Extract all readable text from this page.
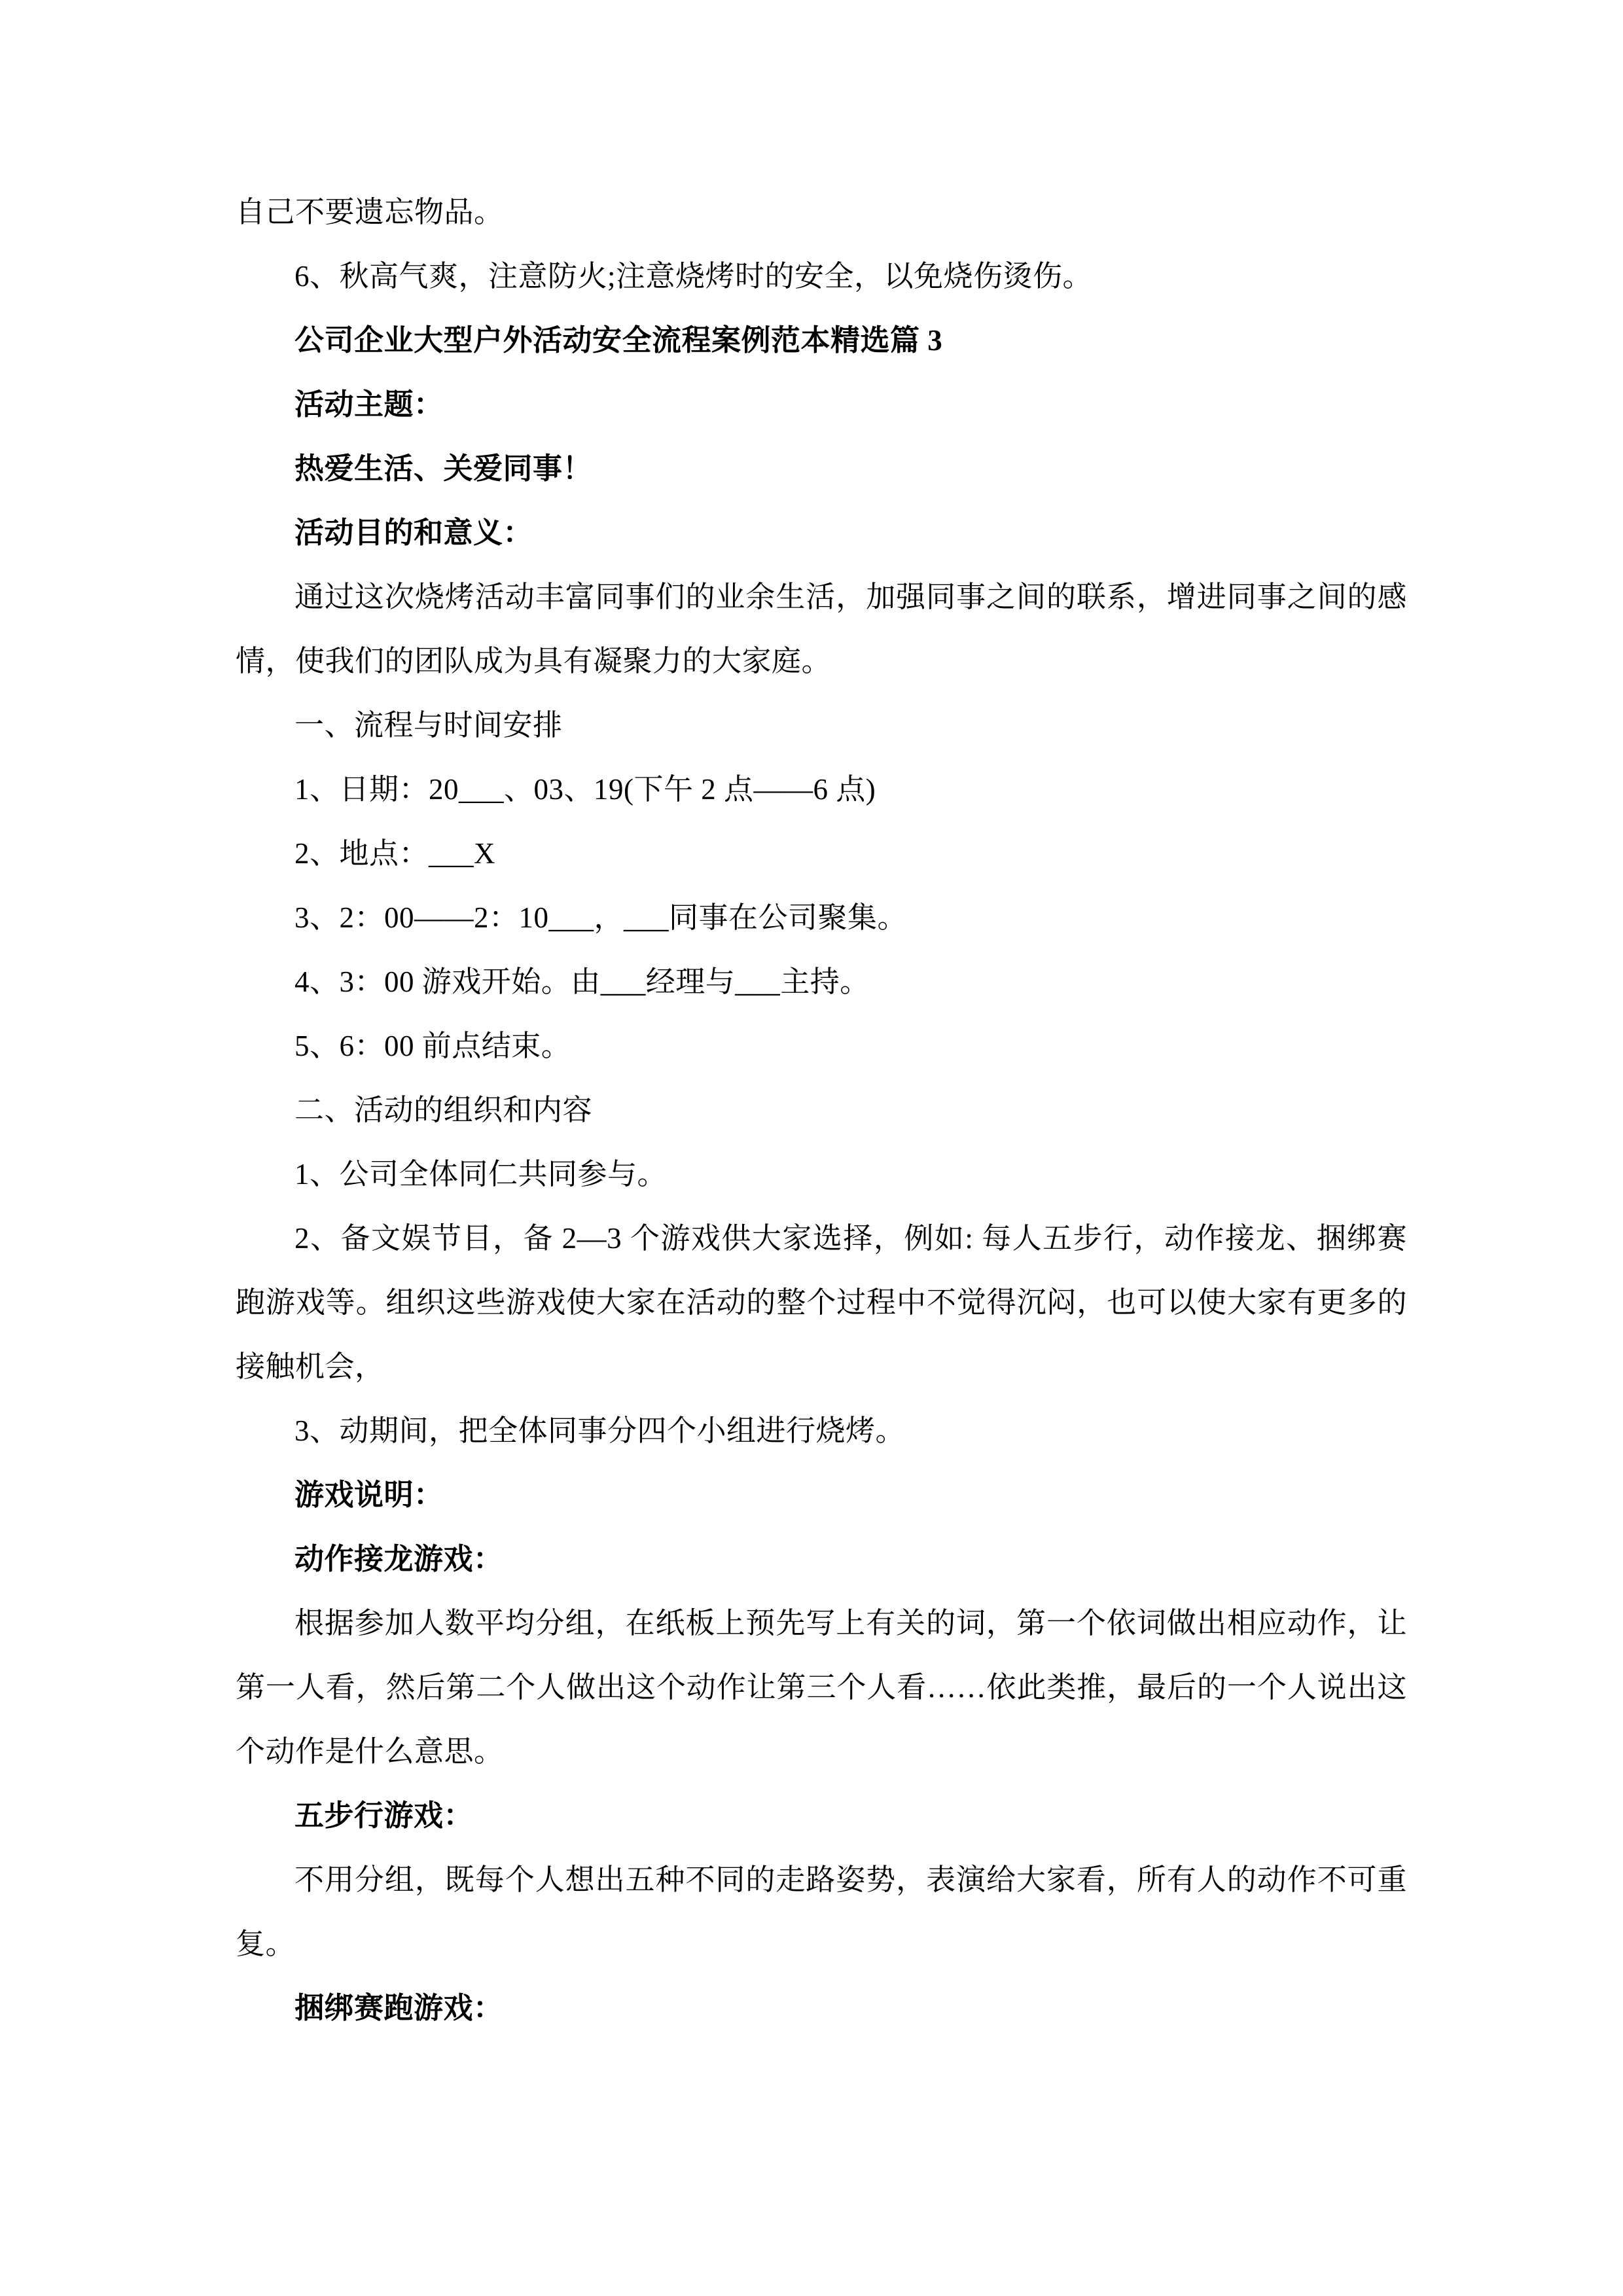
自己不要遗忘物品。

6、秋高气爽，注意防火;注意烧烤时的安全，以免烧伤烫伤。

公司企业大型户外活动安全流程案例范本精选篇 3

活动主题：

热爱生活、关爱同事！

活动目的和意义：

通过这次烧烤活动丰富同事们的业余生活，加强同事之间的联系，增进同事之间的感情，使我们的团队成为具有凝聚力的大家庭。

一、流程与时间安排

1、日期：20___、03、19(下午 2 点——6 点)

2、地点：___X

3、2：00——2：10___，___同事在公司聚集。

4、3：00 游戏开始。由___经理与___主持。

5、6：00 前点结束。

二、活动的组织和内容

1、公司全体同仁共同参与。

2、备文娱节目，备 2—3 个游戏供大家选择，例如: 每人五步行，动作接龙、捆绑赛跑游戏等。组织这些游戏使大家在活动的整个过程中不觉得沉闷，也可以使大家有更多的接触机会，

3、动期间，把全体同事分四个小组进行烧烤。

游戏说明：

动作接龙游戏：

根据参加人数平均分组，在纸板上预先写上有关的词，第一个依词做出相应动作，让第一人看，然后第二个人做出这个动作让第三个人看……依此类推，最后的一个人说出这个动作是什么意思。

五步行游戏：

不用分组，既每个人想出五种不同的走路姿势，表演给大家看，所有人的动作不可重复。

捆绑赛跑游戏：
